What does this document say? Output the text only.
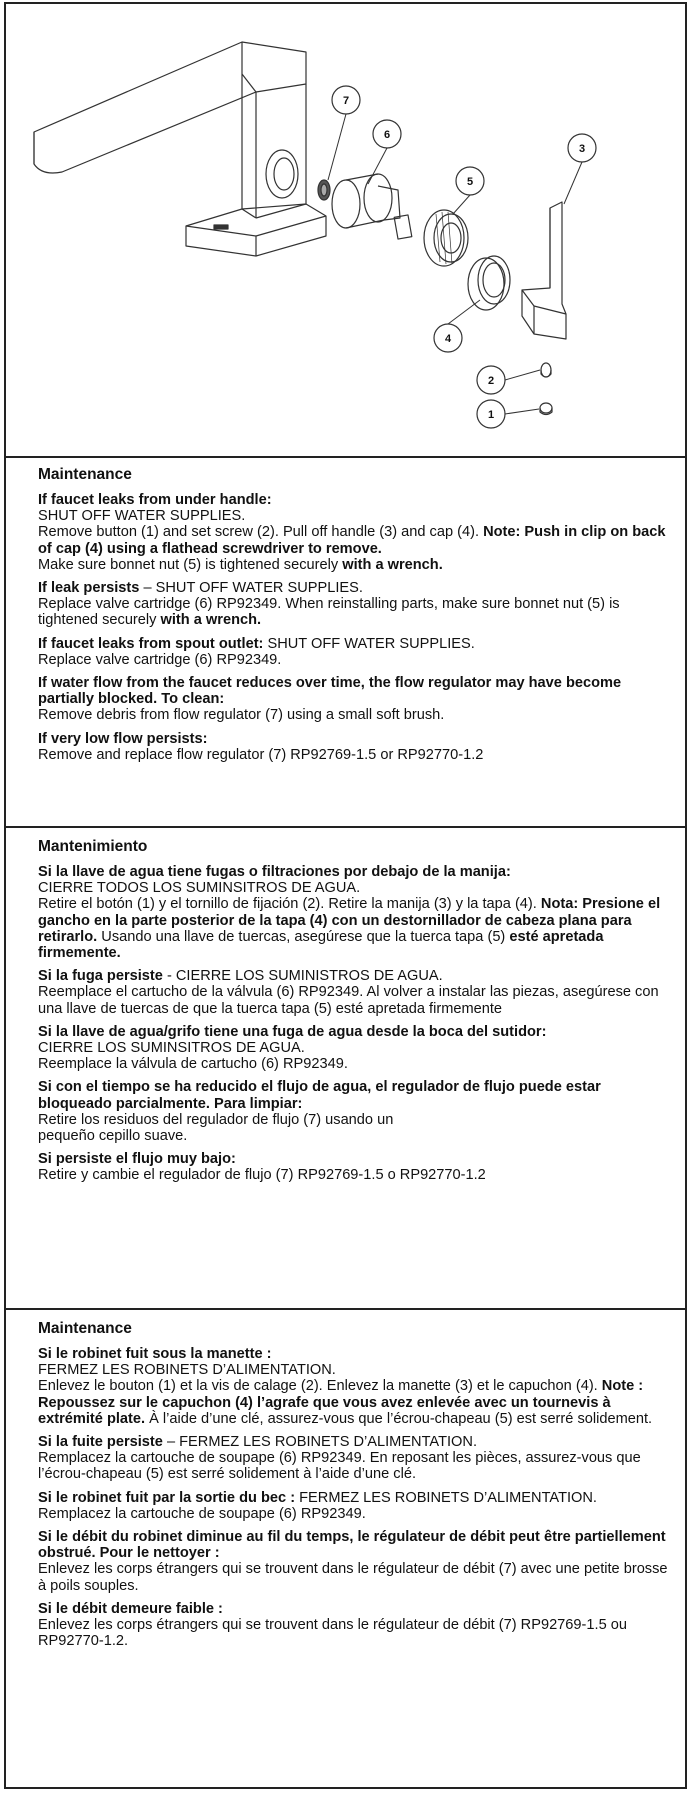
7
6
5
3
4
2
1
Maintenance
If faucet leaks from under handle:
SHUT OFF WATER SUPPLIES.
Remove button (1) and set screw (2). Pull off handle (3) and cap (4). Note: Push in clip on back of cap (4) using a flathead screwdriver to remove.
Make sure bonnet nut (5) is tightened securely with a wrench.
If leak persists – SHUT OFF WATER SUPPLIES.
Replace valve cartridge (6) RP92349. When reinstalling parts, make sure bonnet nut (5) is tightened securely with a wrench.
If faucet leaks from spout outlet: SHUT OFF WATER SUPPLIES.
Replace valve cartridge (6) RP92349.
If water flow from the faucet reduces over time, the flow regulator may have become partially blocked. To clean:
Remove debris from flow regulator (7) using a small soft brush.
If very low flow persists:
Remove and replace flow regulator (7) RP92769-1.5 or RP92770-1.2
Mantenimiento
Si la llave de agua tiene fugas o filtraciones por debajo de la manija:
CIERRE TODOS LOS SUMINSITROS DE AGUA.
Retire el botón (1) y el tornillo de fijación (2). Retire la manija (3) y la tapa (4). Nota: Presione el gancho en la parte posterior de la tapa (4) con un destornillador de cabeza plana para retirarlo. Usando una llave de tuercas, asegúrese que la tuerca tapa (5) esté apretada firmemente.
Si la fuga persiste - CIERRE LOS SUMINISTROS DE AGUA.
Reemplace el cartucho de la válvula (6) RP92349. Al volver a instalar las piezas, asegúrese con una llave de tuercas de que la tuerca tapa (5) esté apretada firmemente
Si la llave de agua/grifo tiene una fuga de agua desde la boca del sutidor:
CIERRE LOS SUMINSITROS DE AGUA.
Reemplace la válvula de cartucho (6) RP92349.
Si con el tiempo se ha reducido el flujo de agua, el regulador de flujo puede estar bloqueado parcialmente. Para limpiar:
Retire los residuos del regulador de flujo (7) usando un
pequeño cepillo suave.
Si persiste el flujo muy bajo:
Retire y cambie el regulador de flujo (7) RP92769-1.5 o RP92770-1.2
Maintenance
Si le robinet fuit sous la manette :
FERMEZ LES ROBINETS D’ALIMENTATION.
Enlevez le bouton (1) et la vis de calage (2). Enlevez la manette (3) et le capuchon (4). Note : Repoussez sur le capuchon (4) l’agrafe que vous avez enlevée avec un tournevis à extrémité plate. À l’aide d’une clé, assurez-vous que l’écrou-chapeau (5) est serré solidement.
Si la fuite persiste – FERMEZ LES ROBINETS D’ALIMENTATION.
Remplacez la cartouche de soupape (6) RP92349. En reposant les pièces, assurez-vous que l’écrou-chapeau (5) est serré solidement à l’aide d’une clé.
Si le robinet fuit par la sortie du bec : FERMEZ LES ROBINETS D’ALIMENTATION.
Remplacez la cartouche de soupape (6) RP92349.
Si le débit du robinet diminue au fil du temps, le régulateur de débit peut être partiellement obstrué. Pour le nettoyer :
Enlevez les corps étrangers qui se trouvent dans le régulateur de débit (7) avec une petite brosse à poils souples.
Si le débit demeure faible :
Enlevez les corps étrangers qui se trouvent dans le régulateur de débit (7) RP92769-1.5 ou RP92770-1.2.
